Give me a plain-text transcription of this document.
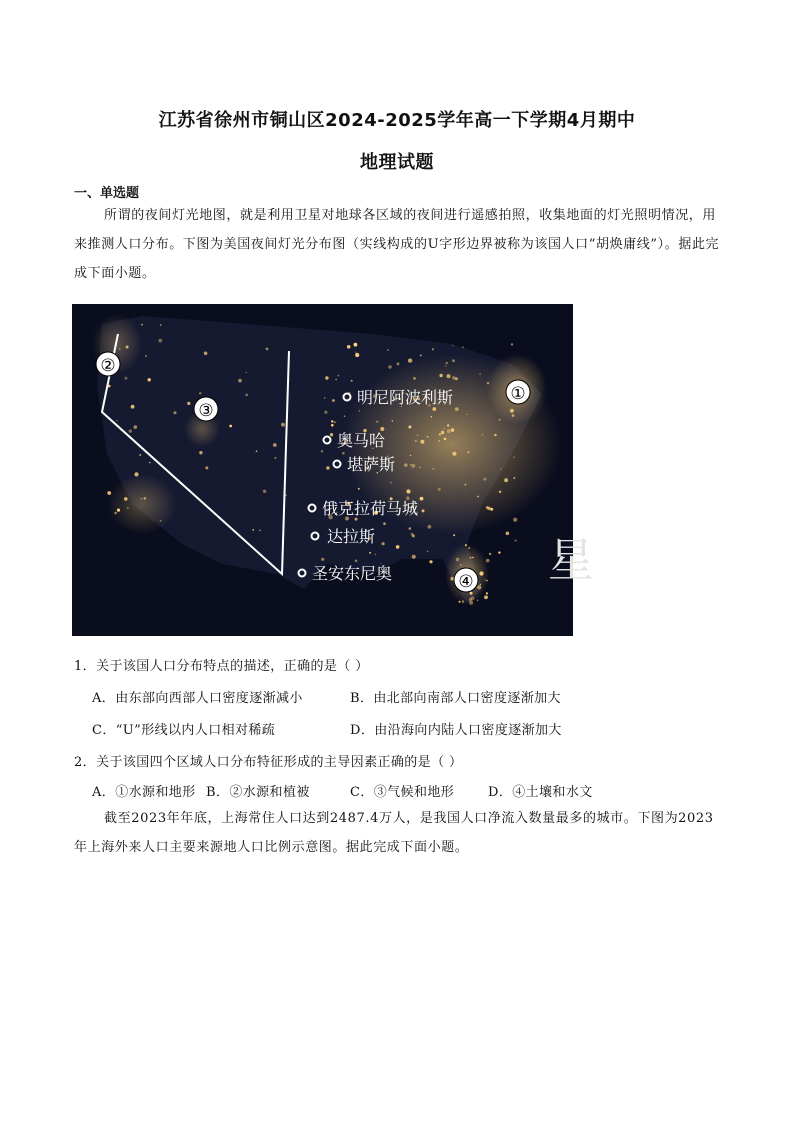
江苏省徐州市铜山区2024-2025学年高一下学期4月期中
地理试题
一、单选题
所谓的夜间灯光地图，就是利用卫星对地球各区域的夜间进行遥感拍照，收集地面的灯光照明情况，用来推测人口分布。下图为美国夜间灯光分布图（实线构成的U字形边界被称为该国人口“胡焕庸线”）。据此完成下面小题。
①
②
③
④
明尼阿波利斯
奥马哈
堪萨斯
俄克拉荷马城
达拉斯
圣安东尼奥	星
1．关于该国人口分布特点的描述，正确的是（ ）
A．由东部向西部人口密度逐渐减小	B．由北部向南部人口密度逐渐加大
C．“U”形线以内人口相对稀疏	D．由沿海向内陆人口密度逐渐加大
2．关于该国四个区域人口分布特征形成的主导因素正确的是（ ）
A．①水源和地形 B．②水源和植被	C．③气候和地形	D．④土壤和水文
截至2023年年底，上海常住人口达到2487.4万人，是我国人口净流入数量最多的城市。下图为2023年上海外来人口主要来源地人口比例示意图。据此完成下面小题。
